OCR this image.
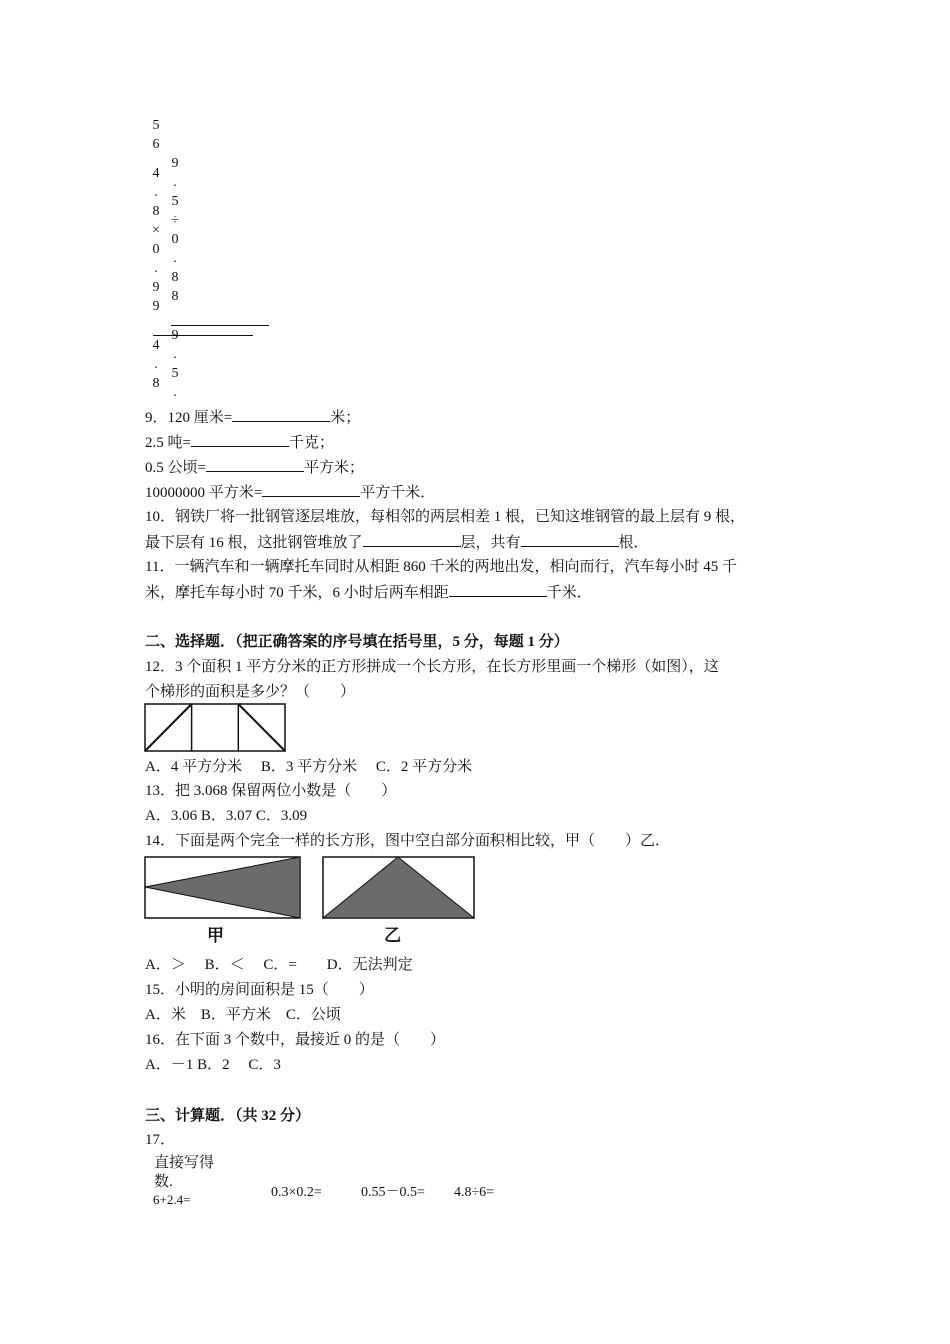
5
6
4
.
8
×
0
.
9
9
4
.
8
9
.
5
÷
0
.
8
8
9
.
5
.
9．120 厘米=	米；
2.5 吨=	千克；
0.5 公顷=	平方米；
10000000 平方米=	平方千米．
10．钢铁厂将一批钢管逐层堆放，每相邻的两层相差 1 根，已知这堆钢管的最上层有 9 根，
最下层有 16 根，这批钢管堆放了	层，共有	根．
11．一辆汽车和一辆摩托车同时从相距 860 千米的两地出发，相向而行，汽车每小时 45 千
米，摩托车每小时 70 千米，6 小时后两车相距	千米．
二、选择题．（把正确答案的序号填在括号里，5 分，每题 1 分）
12．3 个面积 1 平方分米的正方形拼成一个长方形，在长方形里画一个梯形（如图），这
个梯形的面积是多少？（　　）
A．4 平方分米　 B．3 平方分米　 C．2 平方分米
13．把 3.068 保留两位小数是（　　）
A．3.06 B．3.07 C．3.09
14．下面是两个完全一样的长方形，图中空白部分面积相比较，甲（　　）乙．
甲	乙
A．＞　 B．＜　 C．=　　D．无法判定
15．小明的房间面积是 15（　　）
A．米　B．平方米　C．公顷
16．在下面 3 个数中，最接近 0 的是（　　）
A．－1 B．2　 C．3
三、计算题．（共 32 分）
17．
直接写得
数.
6+2.4=	0.3×0.2=	0.55－0.5= 4.8÷6=
